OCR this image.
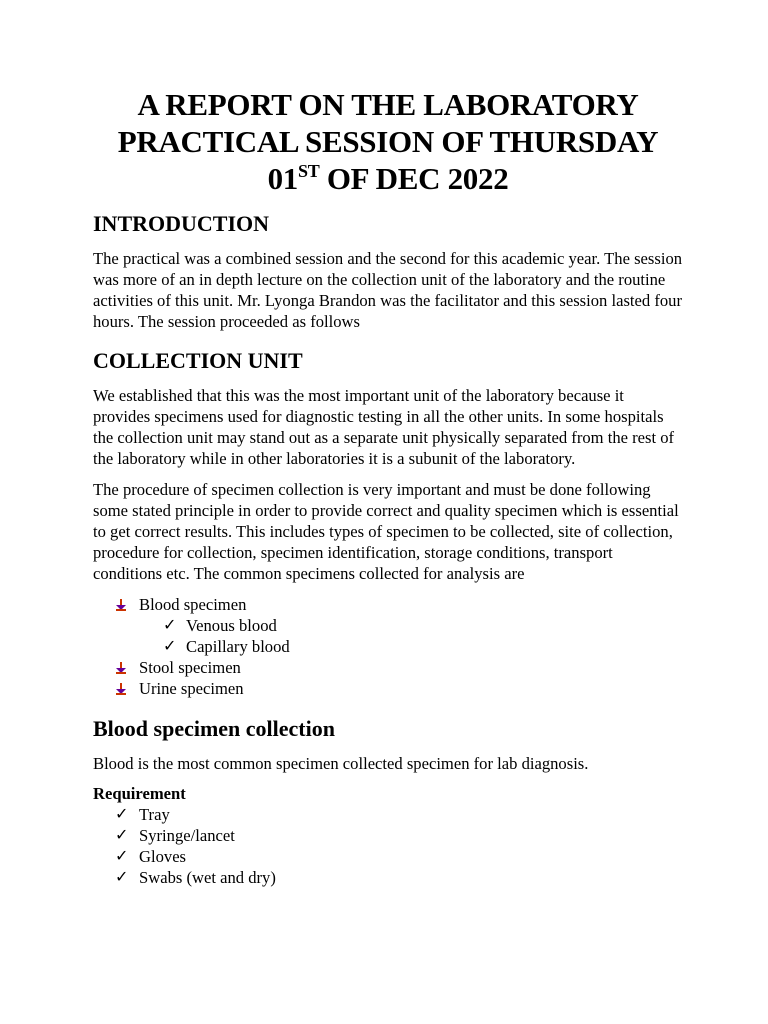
A REPORT ON THE LABORATORY
PRACTICAL SESSION OF THURSDAY
01ST OF DEC 2022
INTRODUCTION

The practical was a combined session and the second for this academic year. The session was more of an in depth lecture on the collection unit of the laboratory and the routine activities of this unit. Mr. Lyonga Brandon was the facilitator and this session lasted four hours. The session proceeded as follows

COLLECTION UNIT

We established that this was the most important unit of the laboratory because it provides specimens used for diagnostic testing in all the other units. In some hospitals the collection unit may stand out as a separate unit physically separated from the rest of the laboratory while in other laboratories it is a subunit of the laboratory.

The procedure of specimen collection is very important and must be done following some stated principle in order to provide correct and quality specimen which is essential to get correct results. This includes types of specimen to be collected, site of collection, procedure for collection, specimen identification, storage conditions, transport conditions etc. The common specimens collected for analysis are

Blood specimen
✓ Venous blood
✓ Capillary blood
Stool specimen
Urine specimen
Blood specimen collection

Blood is the most common specimen collected specimen for lab diagnosis.

Requirement

✓ Tray
✓ Syringe/lancet
✓ Gloves
✓ Swabs (wet and dry)
